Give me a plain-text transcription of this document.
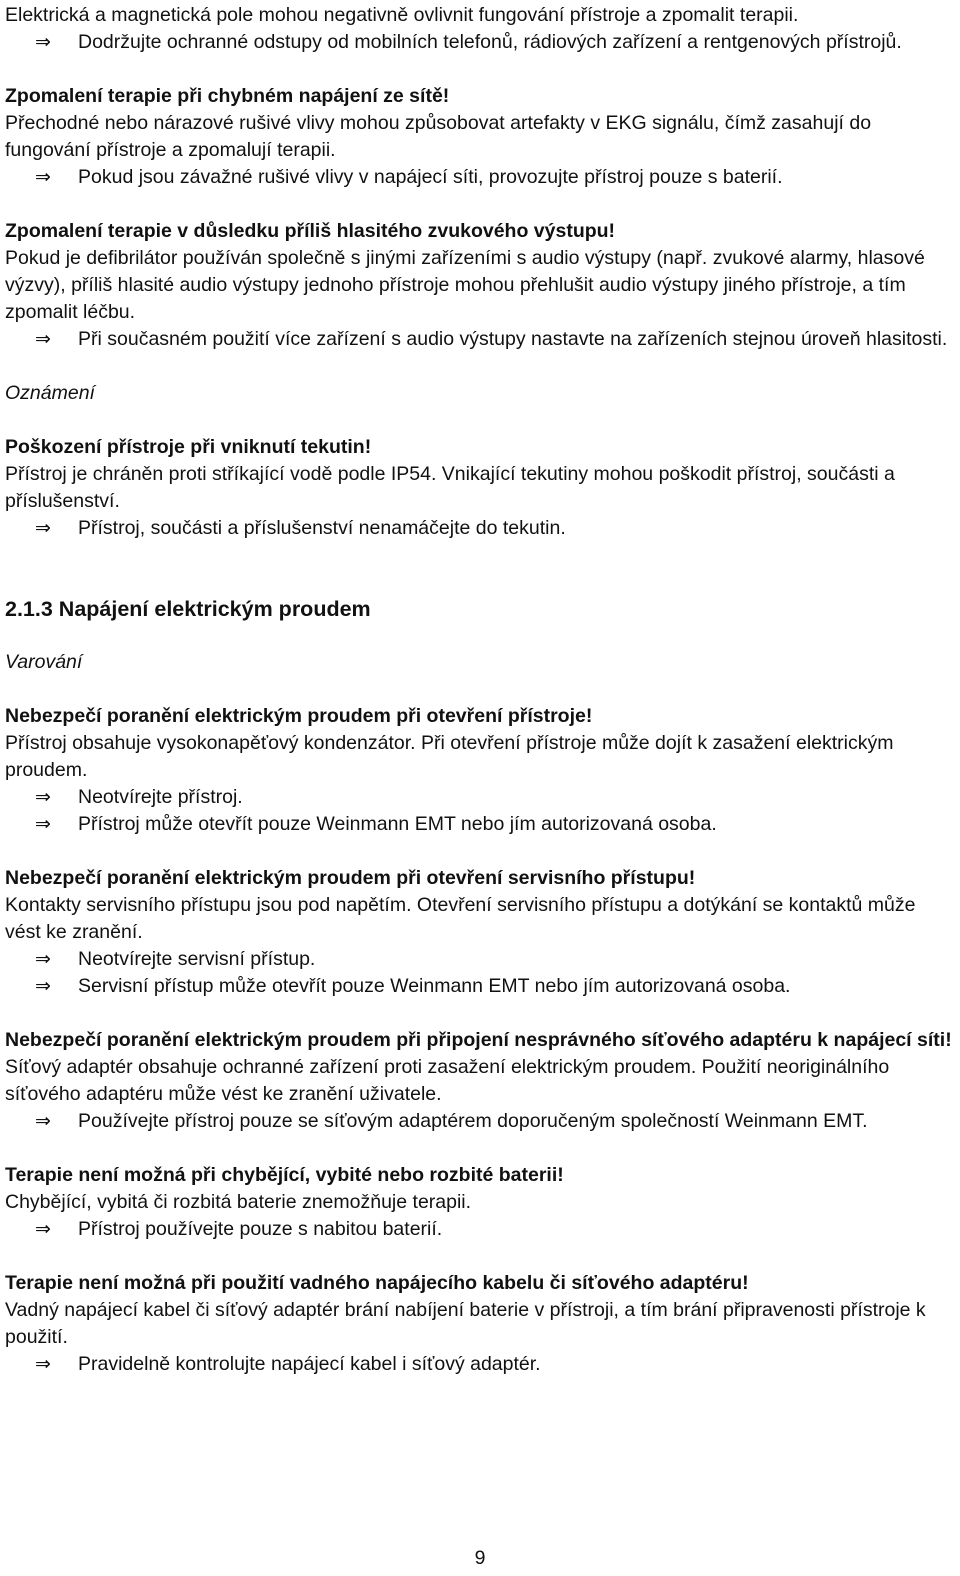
Elektrická a magnetická pole mohou negativně ovlivnit fungování přístroje a zpomalit terapii.

⇒ Dodržujte ochranné odstupy od mobilních telefonů, rádiových zařízení a rentgenových přístrojů.

Zpomalení terapie při chybném napájení ze sítě!

Přechodné nebo nárazové rušivé vlivy mohou způsobovat artefakty v EKG signálu, čímž zasahují do fungování přístroje a zpomalují terapii.

⇒ Pokud jsou závažné rušivé vlivy v napájecí síti, provozujte přístroj pouze s baterií.

Zpomalení terapie v důsledku příliš hlasitého zvukového výstupu!

Pokud je defibrilátor používán společně s jinými zařízeními s audio výstupy (např. zvukové alarmy, hlasové výzvy), příliš hlasité audio výstupy jednoho přístroje mohou přehlušit audio výstupy jiného přístroje, a tím zpomalit léčbu.

⇒ Při současném použití více zařízení s audio výstupy nastavte na zařízeních stejnou úroveň hlasitosti.

Oznámení

Poškození přístroje při vniknutí tekutin!

Přístroj je chráněn proti stříkající vodě podle IP54. Vnikající tekutiny mohou poškodit přístroj, součásti a příslušenství.

⇒ Přístroj, součásti a příslušenství nenamáčejte do tekutin.

2.1.3 Napájení elektrickým proudem

Varování

Nebezpečí poranění elektrickým proudem při otevření přístroje!

Přístroj obsahuje vysokonapěťový kondenzátor. Při otevření přístroje může dojít k zasažení elektrickým proudem.

⇒ Neotvírejte přístroj.

⇒ Přístroj může otevřít pouze Weinmann EMT nebo jím autorizovaná osoba.

Nebezpečí poranění elektrickým proudem při otevření servisního přístupu!

Kontakty servisního přístupu jsou pod napětím. Otevření servisního přístupu a dotýkání se kontaktů může vést ke zranění.

⇒ Neotvírejte servisní přístup.

⇒ Servisní přístup může otevřít pouze Weinmann EMT nebo jím autorizovaná osoba.

Nebezpečí poranění elektrickým proudem při připojení nesprávného síťového adaptéru k napájecí síti!

Síťový adaptér obsahuje ochranné zařízení proti zasažení elektrickým proudem. Použití neoriginálního síťového adaptéru může vést ke zranění uživatele.

⇒ Používejte přístroj pouze se síťovým adaptérem doporučeným společností Weinmann EMT.

Terapie není možná při chybějící, vybité nebo rozbité baterii!

Chybějící, vybitá či rozbitá baterie znemožňuje terapii.

⇒ Přístroj používejte pouze s nabitou baterií.

Terapie není možná při použití vadného napájecího kabelu či síťového adaptéru!

Vadný napájecí kabel či síťový adaptér brání nabíjení baterie v přístroji, a tím brání připravenosti přístroje k použití.

⇒ Pravidelně kontrolujte napájecí kabel i síťový adaptér.

9
